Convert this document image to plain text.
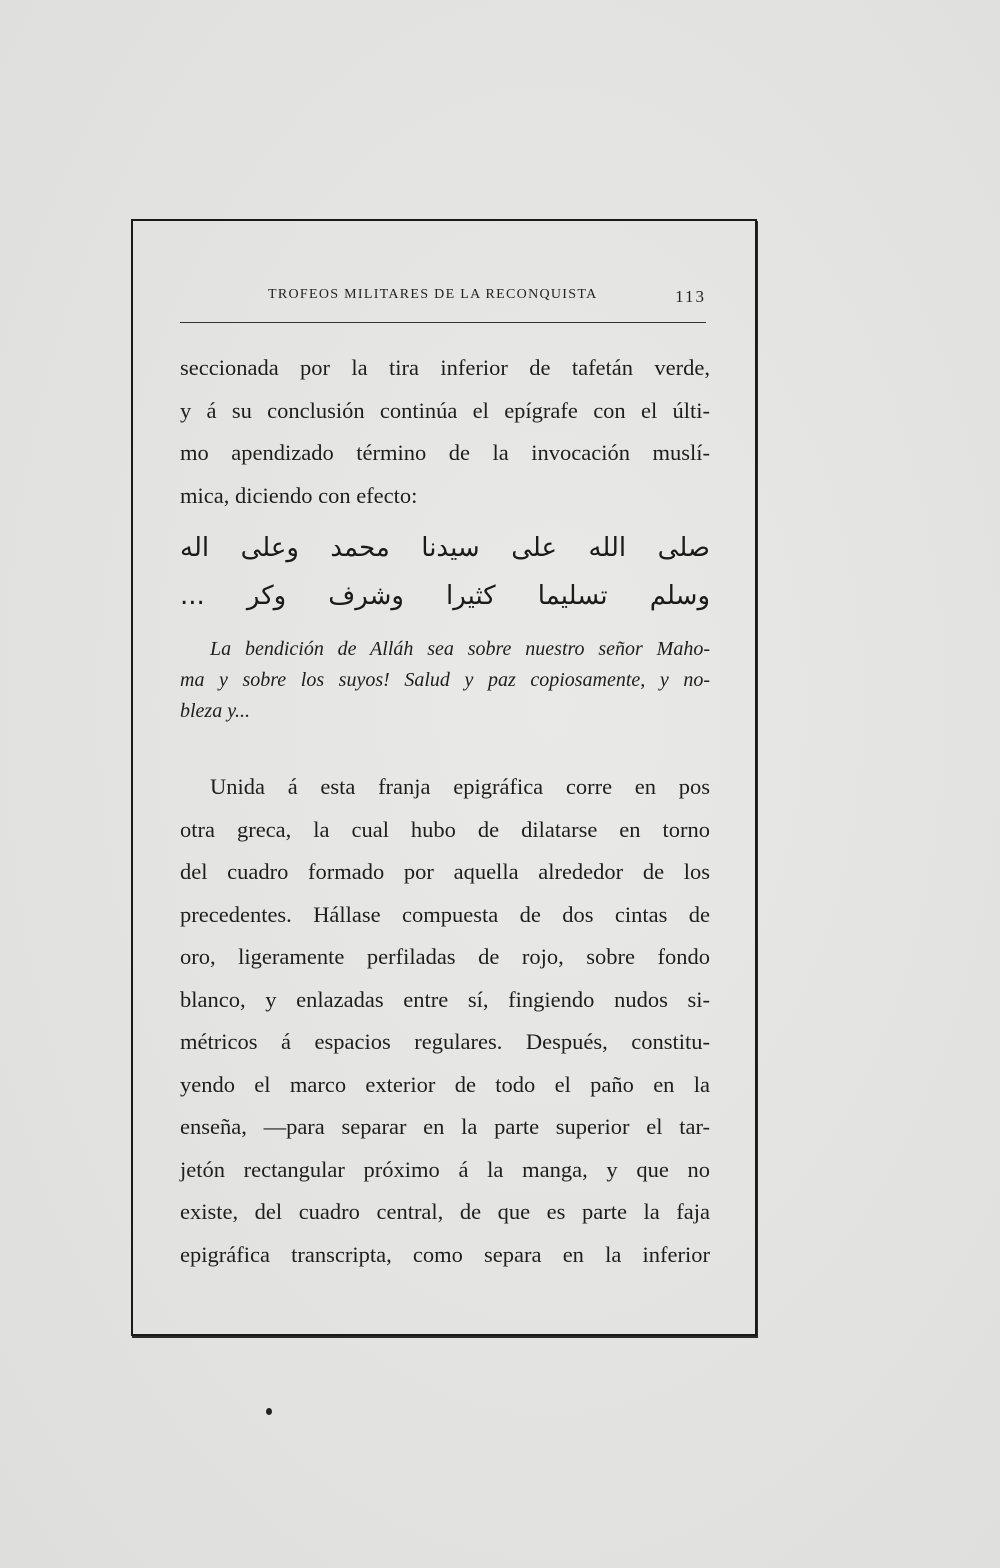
TROFEOS MILITARES DE LA RECONQUISTA	113
seccionada por la tira inferior de tafetán verde,
y á su conclusión continúa el epígrafe con el últi-
mo apendizado término de la invocación muslí-
mica, diciendo con efecto:
صلى الله على سيدنا محمد وعلى اله
وسلم تسليما كثيرا وشرف وكر ...
La bendición de Alláh sea sobre nuestro señor Maho-
ma y sobre los suyos! Salud y paz copiosamente, y no-
bleza y...
Unida á esta franja epigráfica corre en pos
otra greca, la cual hubo de dilatarse en torno
del cuadro formado por aquella alrededor de los
precedentes. Hállase compuesta de dos cintas de
oro, ligeramente perfiladas de rojo, sobre fondo
blanco, y enlazadas entre sí, fingiendo nudos si-
métricos á espacios regulares. Después, constitu-
yendo el marco exterior de todo el paño en la
enseña, —para separar en la parte superior el tar-
jetón rectangular próximo á la manga, y que no
existe, del cuadro central, de que es parte la faja
epigráfica transcripta, como separa en la inferior
